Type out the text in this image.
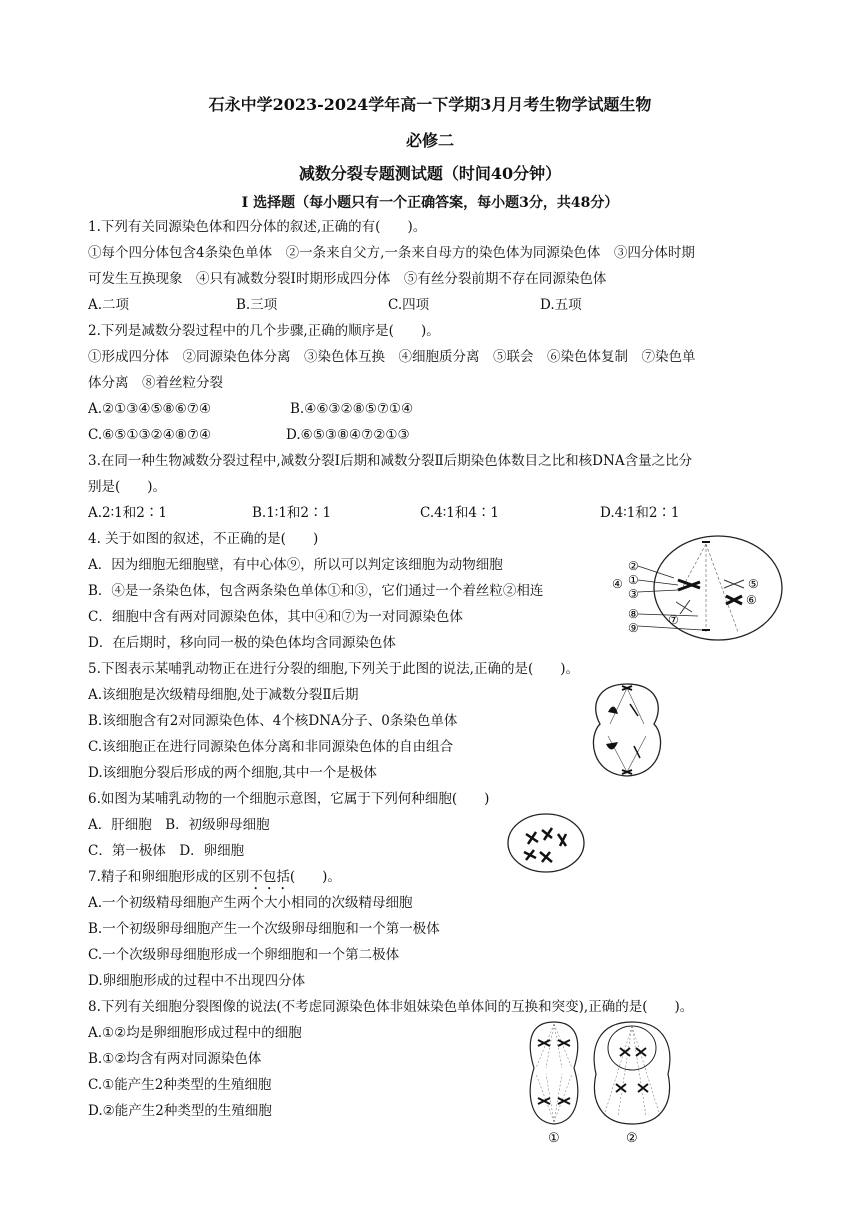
石永中学2023-2024学年高一下学期3月月考生物学试题生物
必修二
减数分裂专题测试题（时间40分钟）
I 选择题（每小题只有一个正确答案，每小题3分，共48分）
1.下列有关同源染色体和四分体的叙述,正确的有(　　)。
①每个四分体包含4条染色单体　②一条来自父方,一条来自母方的染色体为同源染色体　③四分体时期
可发生互换现象　④只有减数分裂Ⅰ时期形成四分体　⑤有丝分裂前期不存在同源染色体
A.二项	B.三项	C.四项	D.五项
2.下列是减数分裂过程中的几个步骤,正确的顺序是(　　)。
①形成四分体　②同源染色体分离　③染色体互换　④细胞质分离　⑤联会　⑥染色体复制　⑦染色单
体分离　⑧着丝粒分裂
A.②①③④⑤⑧⑥⑦④	B.④⑥③②⑧⑤⑦①④
C.⑥⑤①③②④⑧⑦④	D.⑥⑤③⑧④⑦②①③
3.在同一种生物减数分裂过程中,减数分裂Ⅰ后期和减数分裂Ⅱ后期染色体数目之比和核DNA含量之比分
别是(　　)。
A.2∶1和2∶1	B.1∶1和2∶1	C.4∶1和4∶1	D.4∶1和2∶1
4. 关于如图的叙述，不正确的是(　　)
A．因为细胞无细胞壁，有中心体⑨，所以可以判定该细胞为动物细胞
B．④是一条染色体，包含两条染色单体①和③，它们通过一个着丝粒②相连
C．细胞中含有两对同源染色体，其中④和⑦为一对同源染色体
D．在后期时，移向同一极的染色体均含同源染色体
②
④ ①
③
⑤
⑥
⑦
⑧
⑨
5.下图表示某哺乳动物正在进行分裂的细胞,下列关于此图的说法,正确的是(　　)。
A.该细胞是次级精母细胞,处于减数分裂Ⅱ后期
B.该细胞含有2对同源染色体、4个核DNA分子、0条染色单体
C.该细胞正在进行同源染色体分离和非同源染色体的自由组合
D.该细胞分裂后形成的两个细胞,其中一个是极体
6.如图为某哺乳动物的一个细胞示意图，它属于下列何种细胞(　　)
A．肝细胞　B．初级卵母细胞
C．第一极体　D．卵细胞
7.精子和卵细胞形成的区别不包括(　　)。
A.一个初级精母细胞产生两个大小相同的次级精母细胞
B.一个初级卵母细胞产生一个次级卵母细胞和一个第一极体
C.一个次级卵母细胞形成一个卵细胞和一个第二极体
D.卵细胞形成的过程中不出现四分体
8.下列有关细胞分裂图像的说法(不考虑同源染色体非姐妹染色单体间的互换和突变),正确的是(　　)。
A.①②均是卵细胞形成过程中的细胞
B.①②均含有两对同源染色体
C.①能产生2种类型的生殖细胞
D.②能产生2种类型的生殖细胞
①	②
